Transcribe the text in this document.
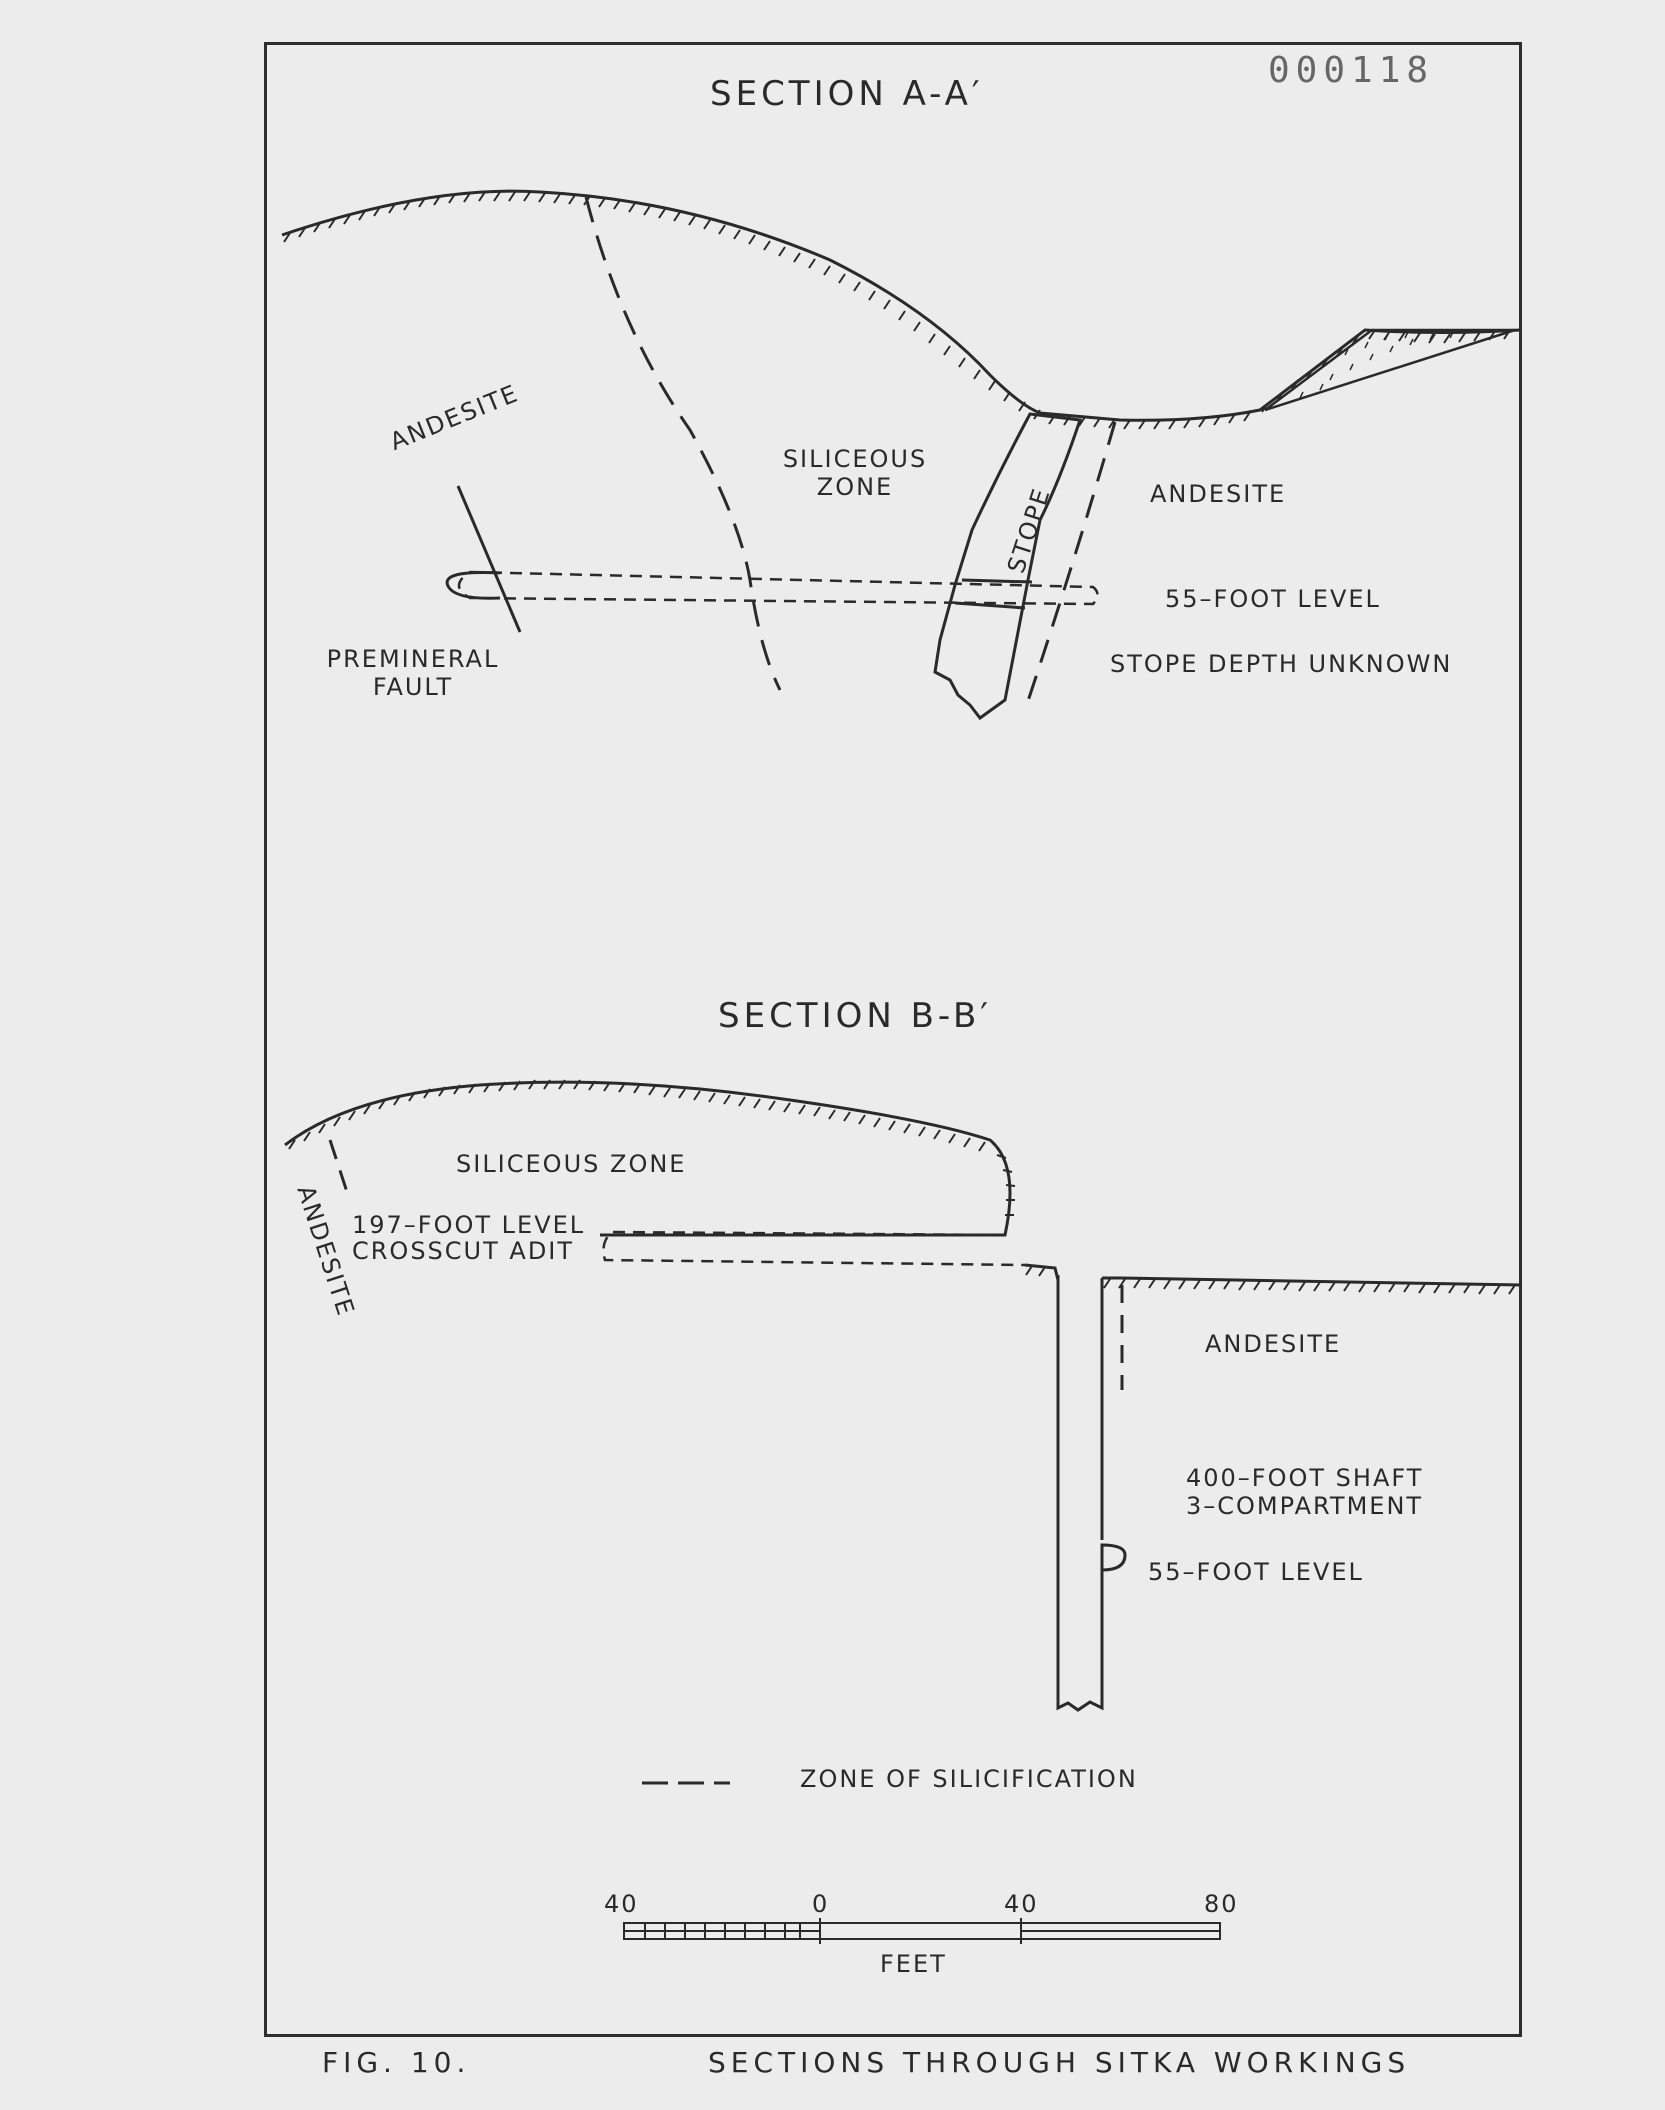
000118
SECTION A-A′
ANDESITE
SILICEOUS
ZONE	STOPE	ANDESITE
55–FOOT LEVEL
STOPE DEPTH UNKNOWN
PREMINERAL
FAULT
SECTION B-B′
SILICEOUS ZONE
ANDESITE
197–FOOT LEVEL
CROSSCUT ADIT
ANDESITE
400–FOOT SHAFT
3–COMPARTMENT
55–FOOT LEVEL
ZONE OF SILICIFICATION
40	0	40	80
FEET
FIG. 10.	SECTIONS THROUGH SITKA WORKINGS
